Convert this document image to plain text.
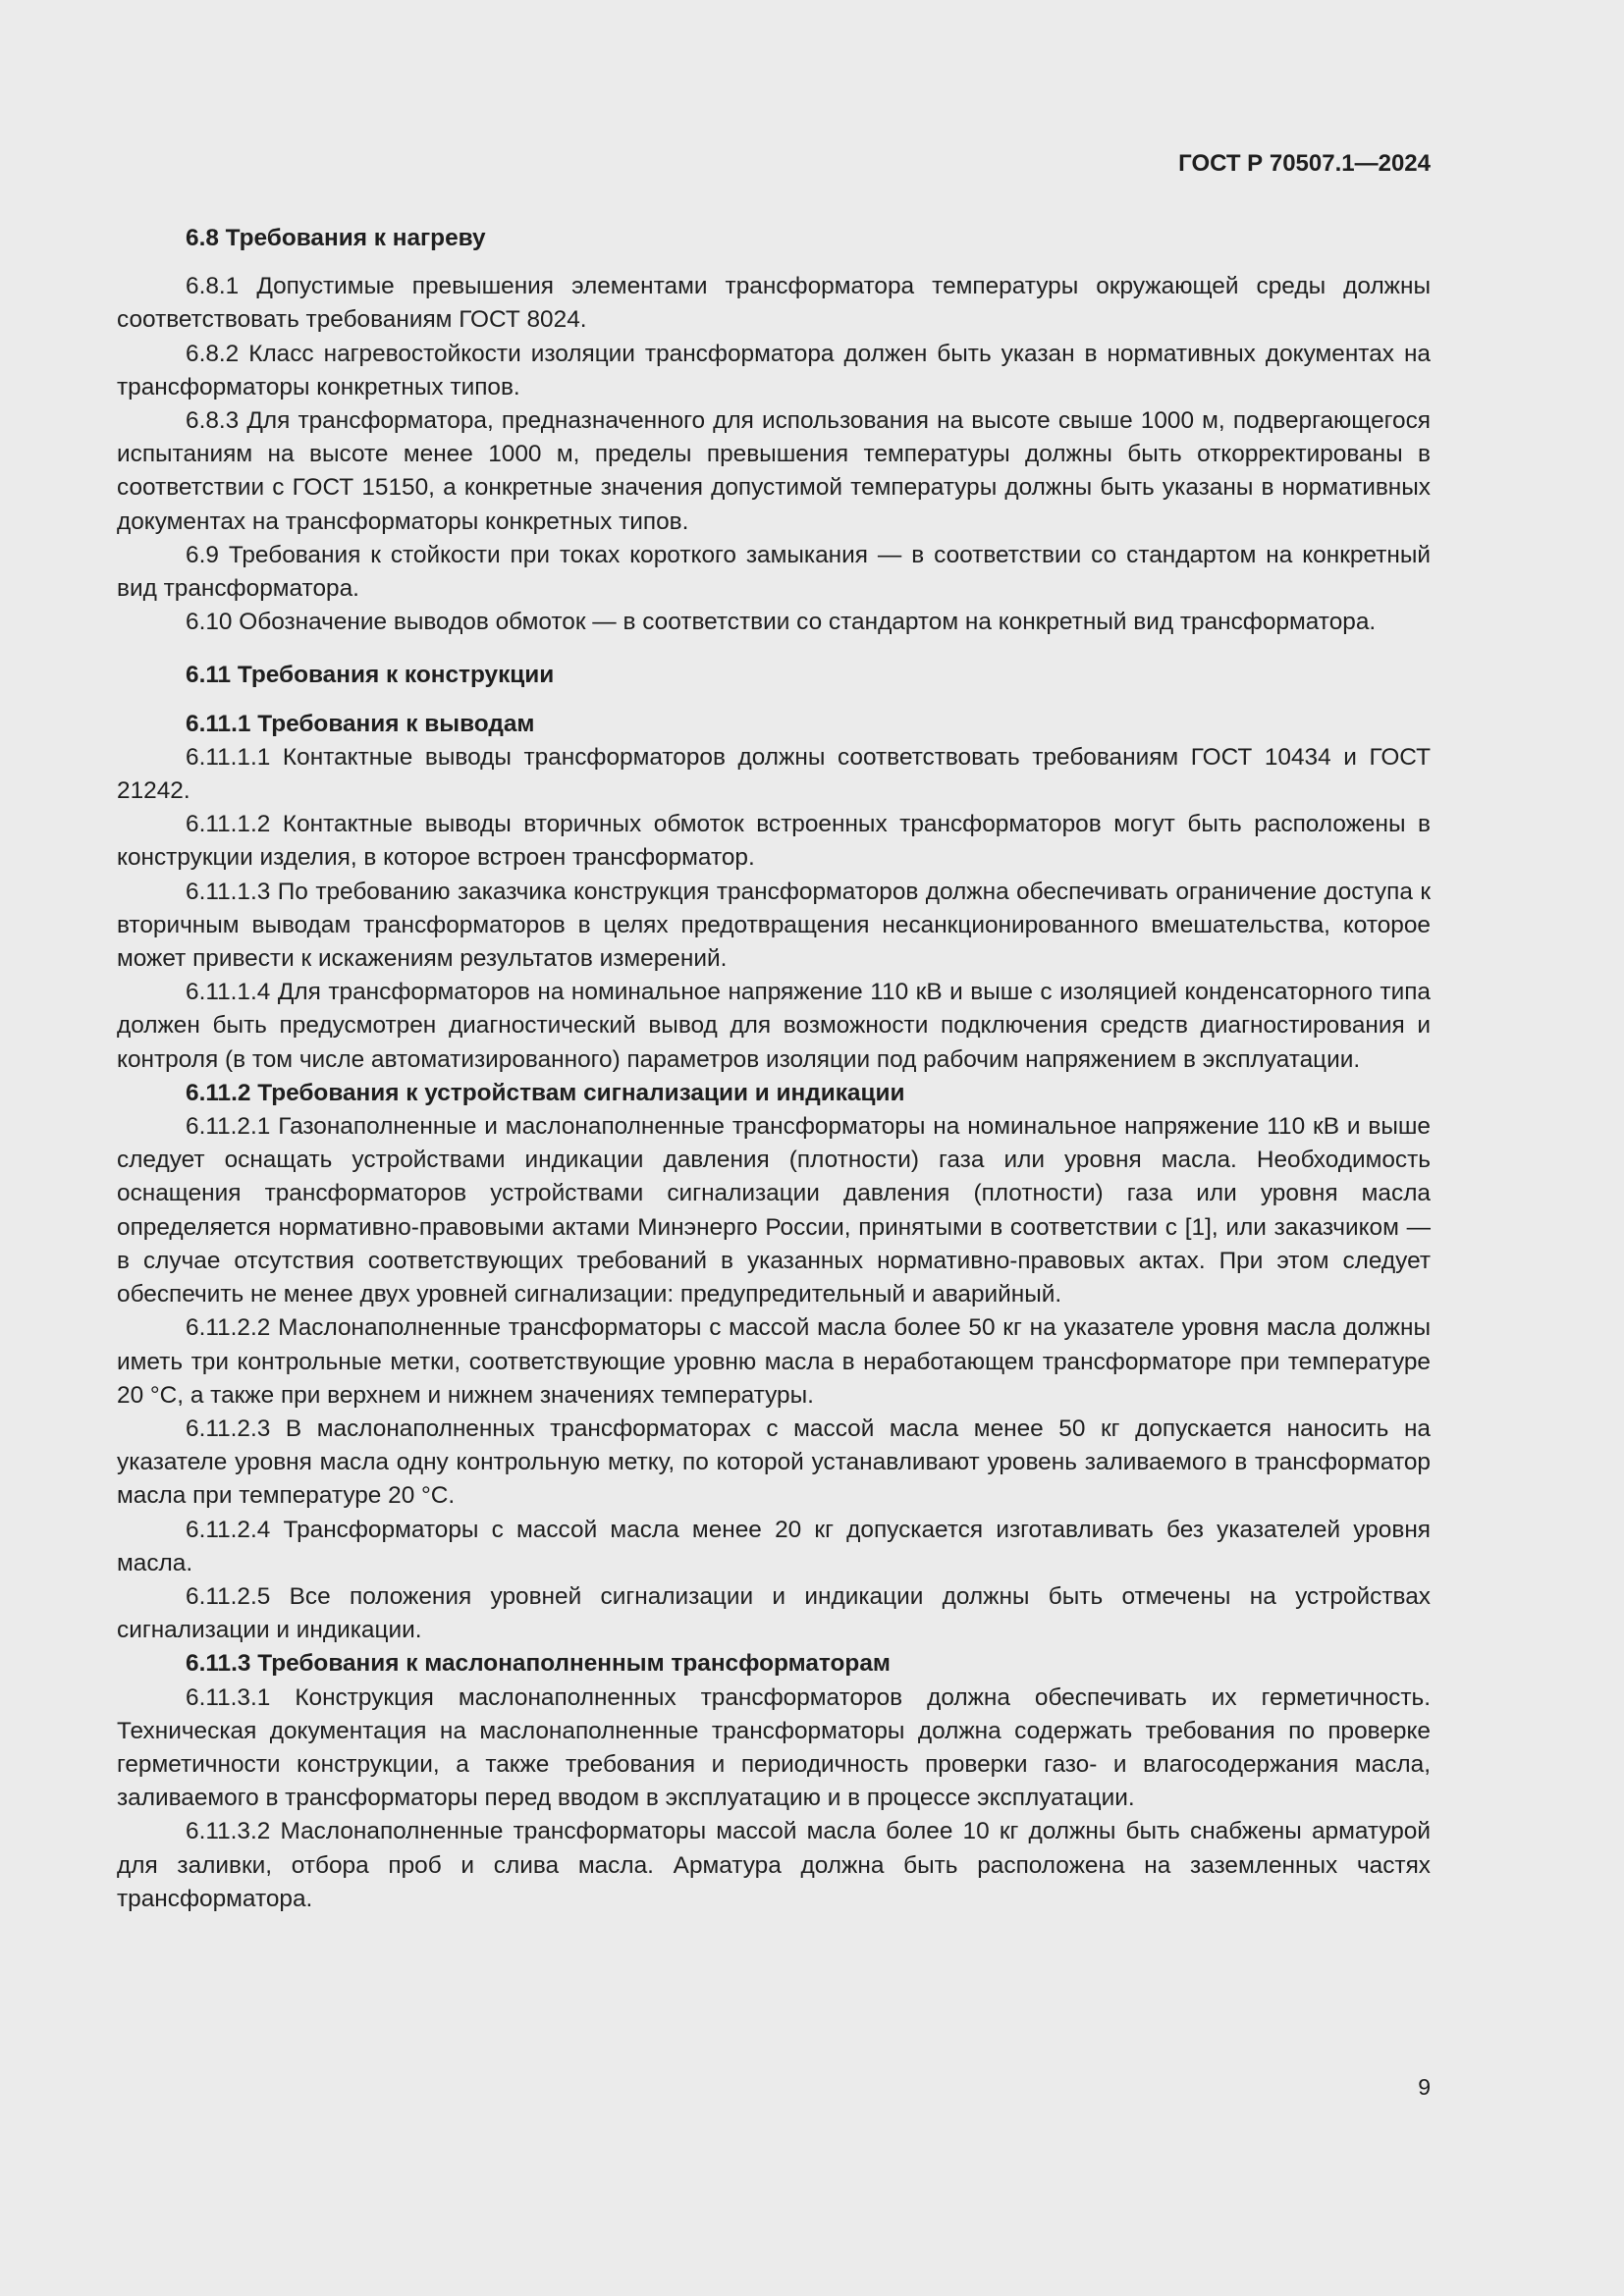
ГОСТ Р 70507.1—2024

6.8 Требования к нагреву

6.8.1 Допустимые превышения элементами трансформатора температуры окружающей среды должны соответствовать требованиям ГОСТ 8024.

6.8.2 Класс нагревостойкости изоляции трансформатора должен быть указан в нормативных документах на трансформаторы конкретных типов.

6.8.3 Для трансформатора, предназначенного для использования на высоте свыше 1000 м, подвергающегося испытаниям на высоте менее 1000 м, пределы превышения температуры должны быть откорректированы в соответствии с ГОСТ 15150, а конкретные значения допустимой температуры должны быть указаны в нормативных документах на трансформаторы конкретных типов.

6.9 Требования к стойкости при токах короткого замыкания — в соответствии со стандартом на конкретный вид трансформатора.

6.10 Обозначение выводов обмоток — в соответствии со стандартом на конкретный вид трансформатора.

6.11 Требования к конструкции
6.11.1 Требования к выводам

6.11.1.1 Контактные выводы трансформаторов должны соответствовать требованиям ГОСТ 10434 и ГОСТ 21242.

6.11.1.2 Контактные выводы вторичных обмоток встроенных трансформаторов могут быть расположены в конструкции изделия, в которое встроен трансформатор.

6.11.1.3 По требованию заказчика конструкция трансформаторов должна обеспечивать ограничение доступа к вторичным выводам трансформаторов в целях предотвращения несанкционированного вмешательства, которое может привести к искажениям результатов измерений.

6.11.1.4 Для трансформаторов на номинальное напряжение 110 кВ и выше с изоляцией конденсаторного типа должен быть предусмотрен диагностический вывод для возможности подключения средств диагностирования и контроля (в том числе автоматизированного) параметров изоляции под рабочим напряжением в эксплуатации.

6.11.2 Требования к устройствам сигнализации и индикации

6.11.2.1 Газонаполненные и маслонаполненные трансформаторы на номинальное напряжение 110 кВ и выше следует оснащать устройствами индикации давления (плотности) газа или уровня масла. Необходимость оснащения трансформаторов устройствами сигнализации давления (плотности) газа или уровня масла определяется нормативно-правовыми актами Минэнерго России, принятыми в соответствии с [1], или заказчиком — в случае отсутствия соответствующих требований в указанных нормативно-правовых актах. При этом следует обеспечить не менее двух уровней сигнализации: предупредительный и аварийный.

6.11.2.2 Маслонаполненные трансформаторы с массой масла более 50 кг на указателе уровня масла должны иметь три контрольные метки, соответствующие уровню масла в неработающем трансформаторе при температуре 20 °С, а также при верхнем и нижнем значениях температуры.

6.11.2.3 В маслонаполненных трансформаторах с массой масла менее 50 кг допускается наносить на указателе уровня масла одну контрольную метку, по которой устанавливают уровень заливаемого в трансформатор масла при температуре 20 °С.

6.11.2.4 Трансформаторы с массой масла менее 20 кг допускается изготавливать без указателей уровня масла.

6.11.2.5 Все положения уровней сигнализации и индикации должны быть отмечены на устройствах сигнализации и индикации.

6.11.3 Требования к маслонаполненным трансформаторам

6.11.3.1 Конструкция маслонаполненных трансформаторов должна обеспечивать их герметичность. Техническая документация на маслонаполненные трансформаторы должна содержать требования по проверке герметичности конструкции, а также требования и периодичность проверки газо- и влагосодержания масла, заливаемого в трансформаторы перед вводом в эксплуатацию и в процессе эксплуатации.

6.11.3.2 Маслонаполненные трансформаторы массой масла более 10 кг должны быть снабжены арматурой для заливки, отбора проб и слива масла. Арматура должна быть расположена на заземленных частях трансформатора.

9
